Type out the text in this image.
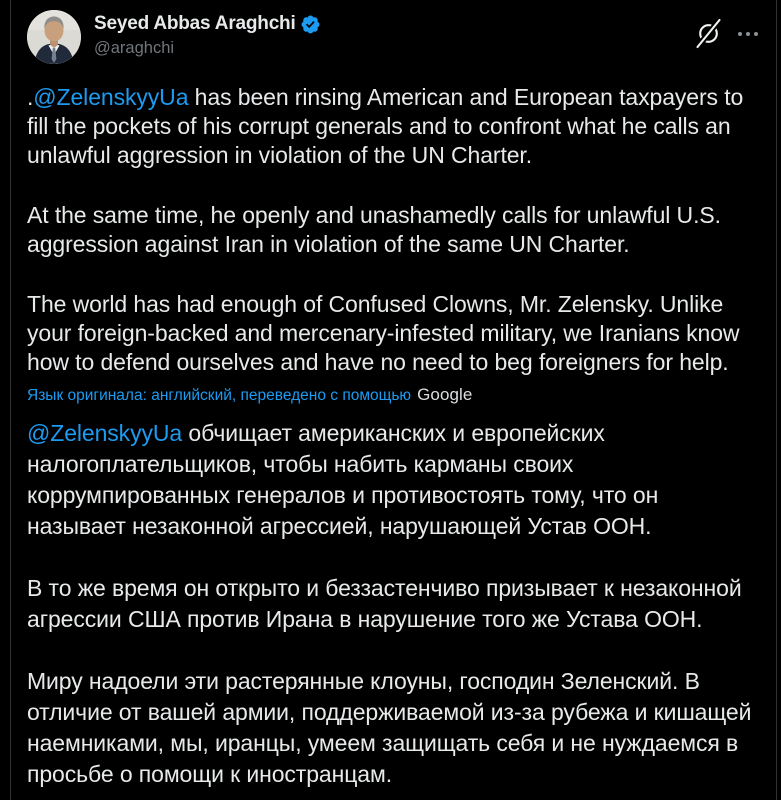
Seyed Abbas Araghchi
@araghchi

.@ZelenskyyUa has been rinsing American and European taxpayers to fill the pockets of his corrupt generals and to confront what he calls an unlawful aggression in violation of the UN Charter.

At the same time, he openly and unashamedly calls for unlawful U.S. aggression against Iran in violation of the same UN Charter.

The world has had enough of Confused Clowns, Mr. Zelensky. Unlike your foreign-backed and mercenary-infested military, we Iranians know how to defend ourselves and have no need to beg foreigners for help.

Язык оригинала: английский, переведено с помощью Google

@ZelenskyyUa обчищает американских и европейских налогоплательщиков, чтобы набить карманы своих коррумпированных генералов и противостоять тому, что он называет незаконной агрессией, нарушающей Устав ООН.

В то же время он открыто и беззастенчиво призывает к незаконной агрессии США против Ирана в нарушение того же Устава ООН.

Миру надоели эти растерянные клоуны, господин Зеленский. В отличие от вашей армии, поддерживаемой из-за рубежа и кишащей наемниками, мы, иранцы, умеем защищать себя и не нуждаемся в просьбе о помощи к иностранцам.
